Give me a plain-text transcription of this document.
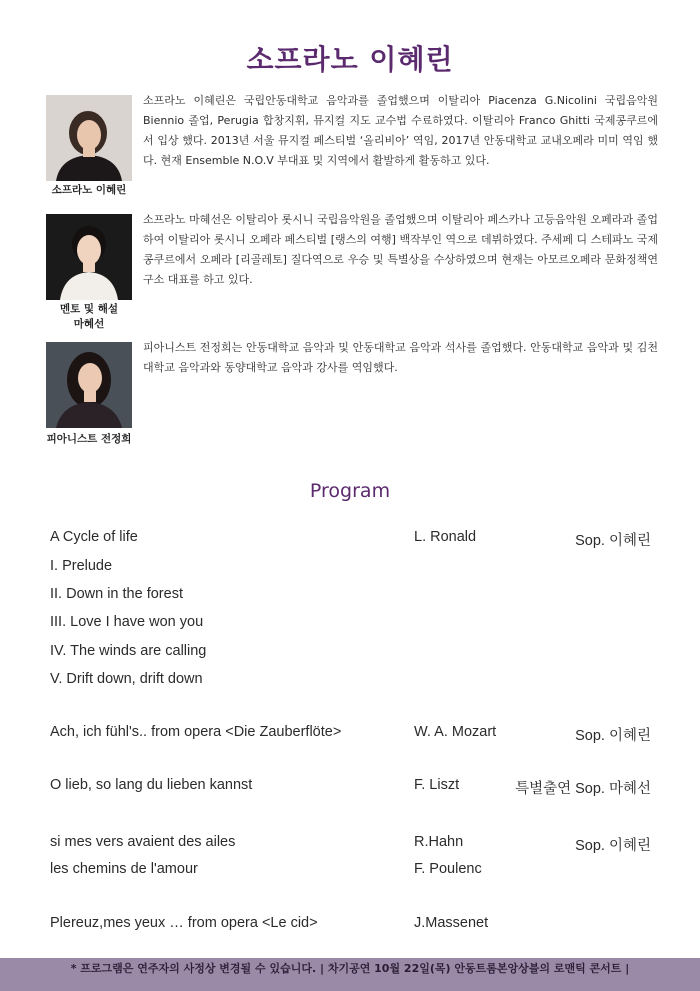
소프라노 이혜린
소프라노 이혜린
소프라노 이혜린은 국립안동대학교 음악과를 졸업했으며 이탈리아 Piacenza G.Nicolini 국립음악원 Biennio 졸업, Perugia 합창지휘, 뮤지컬 지도 교수법 수료하였다. 이탈리아 Franco Ghitti 국제콩쿠르에서 입상 했다. 2013년 서울 뮤지컬 페스티벌 ‘올리비아’ 역임, 2017년 안동대학교 교내오페라 미미 역임 했다. 현재 Ensemble N.O.V 부대표 및 지역에서 활발하게 활동하고 있다.
멘토 및 해설
마혜선
소프라노 마혜선은 이탈리아 롯시니 국립음악원을 졸업했으며 이탈리아 페스카나 고등음악원 오페라과 졸업하여 이탈리아 롯시니 오페라 페스티벌 [랭스의 여행] 백작부인 역으로 데뷔하였다. 주세페 디 스테파노 국제콩쿠르에서 오페라 [리골레토] 질다역으로 우승 및 특별상을 수상하였으며 현재는 아모르오페라 문화정책연구소 대표를 하고 있다.
피아니스트 전정희
피아니스트 전정희는 안동대학교 음악과 및 안동대학교 음악과 석사를 졸업했다. 안동대학교 음악과 및 김천대학교 음악과와 동양대학교 음악과 강사를 역임했다.
Program
A Cycle of life	L. Ronald	Sop. 이혜린
I. Prelude
II. Down in the forest
III. Love I have won you
IV. The winds are calling
V. Drift down, drift down
Ach, ich fühl's.. from opera <Die Zauberflöte>	W. A. Mozart	Sop. 이혜린
O lieb, so lang du lieben kannst	F. Liszt	특별출연 Sop. 마혜선
si mes vers avaient des ailes	R.Hahn	Sop. 이혜린
les chemins de l'amour	F. Poulenc
Plereuz,mes yeux … from opera <Le cid>	J.Massenet
* 프로그램은 연주자의 사정상 변경될 수 있습니다. | 차기공연 10월 22일(목) 안동트롬본앙상블의 로맨틱 콘서트 |
